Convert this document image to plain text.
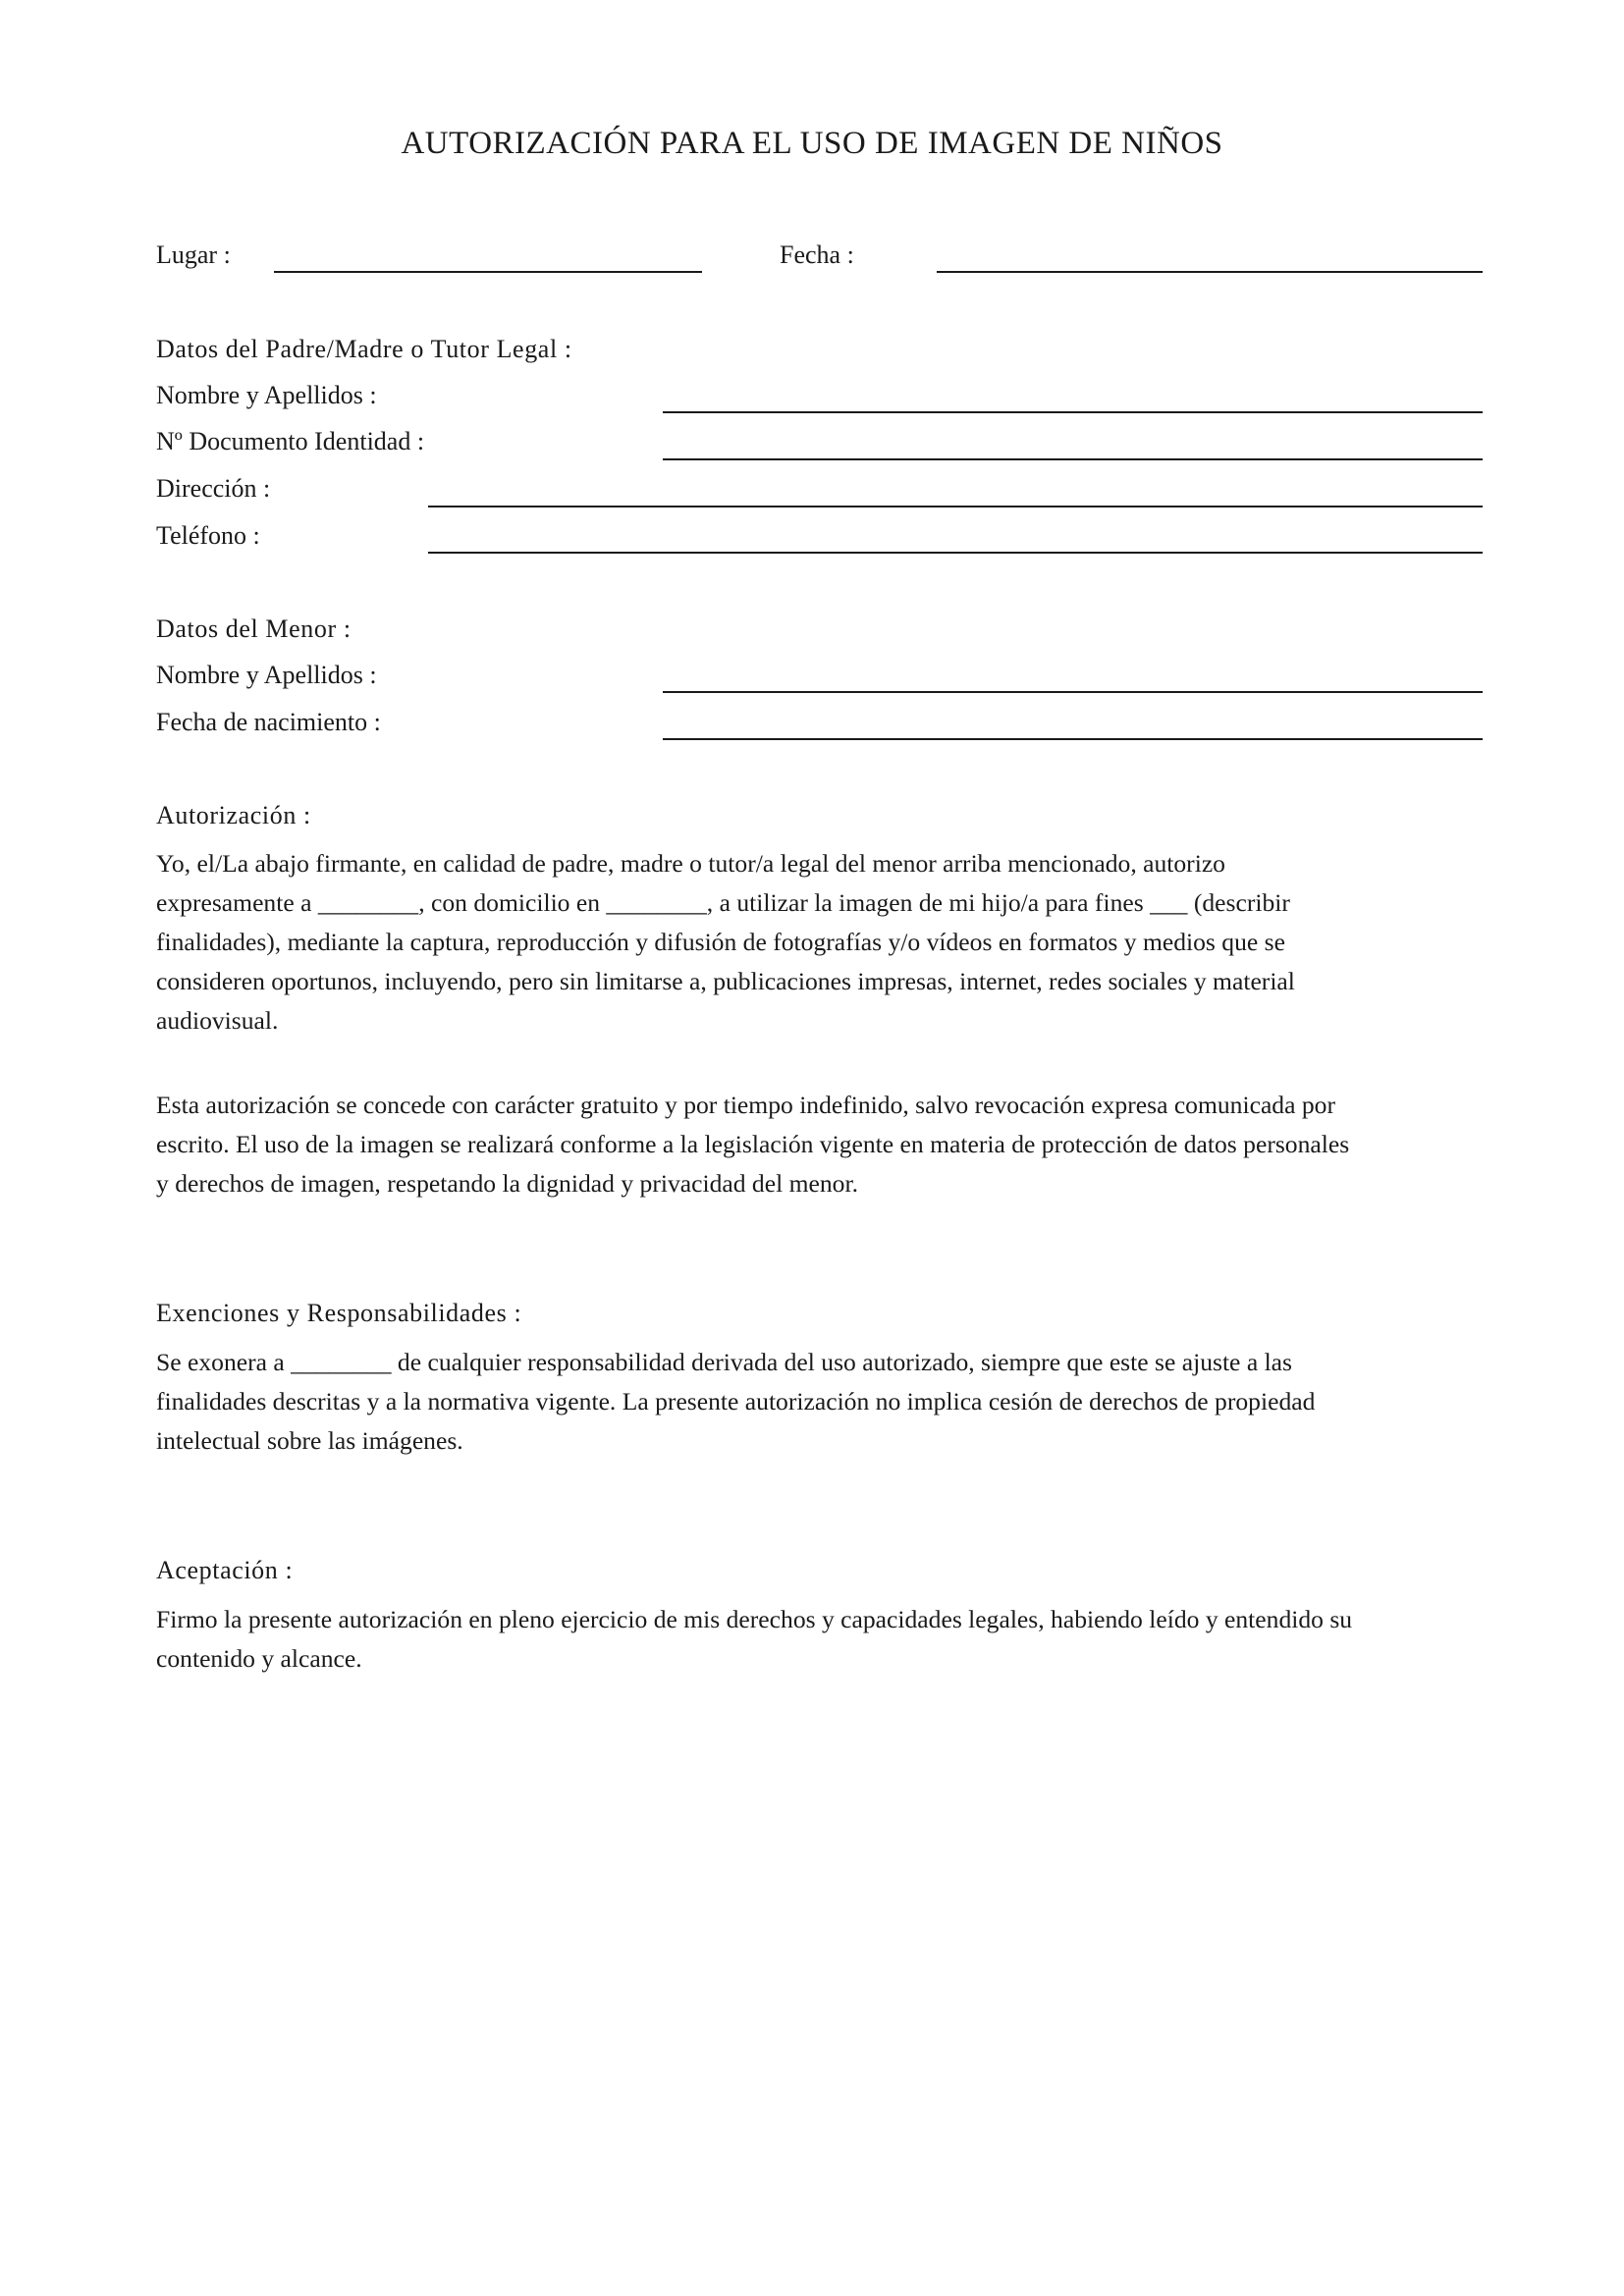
AUTORIZACIÓN PARA EL USO DE IMAGEN DE NIÑOS
Lugar :	Fecha :
Datos del Padre/Madre o Tutor Legal :
Nombre y Apellidos :
Nº Documento Identidad :
Dirección :
Teléfono :
Datos del Menor :
Nombre y Apellidos :
Fecha de nacimiento :
Autorización :
Yo, el/La abajo firmante, en calidad de padre, madre o tutor/a legal del menor arriba mencionado, autorizo
expresamente a ________, con domicilio en ________, a utilizar la imagen de mi hijo/a para fines ___ (describir
finalidades), mediante la captura, reproducción y difusión de fotografías y/o vídeos en formatos y medios que se
consideren oportunos, incluyendo, pero sin limitarse a, publicaciones impresas, internet, redes sociales y material
audiovisual.
Esta autorización se concede con carácter gratuito y por tiempo indefinido, salvo revocación expresa comunicada por
escrito. El uso de la imagen se realizará conforme a la legislación vigente en materia de protección de datos personales
y derechos de imagen, respetando la dignidad y privacidad del menor.
Exenciones y Responsabilidades :
Se exonera a ________ de cualquier responsabilidad derivada del uso autorizado, siempre que este se ajuste a las
finalidades descritas y a la normativa vigente. La presente autorización no implica cesión de derechos de propiedad
intelectual sobre las imágenes.
Aceptación :
Firmo la presente autorización en pleno ejercicio de mis derechos y capacidades legales, habiendo leído y entendido su
contenido y alcance.
